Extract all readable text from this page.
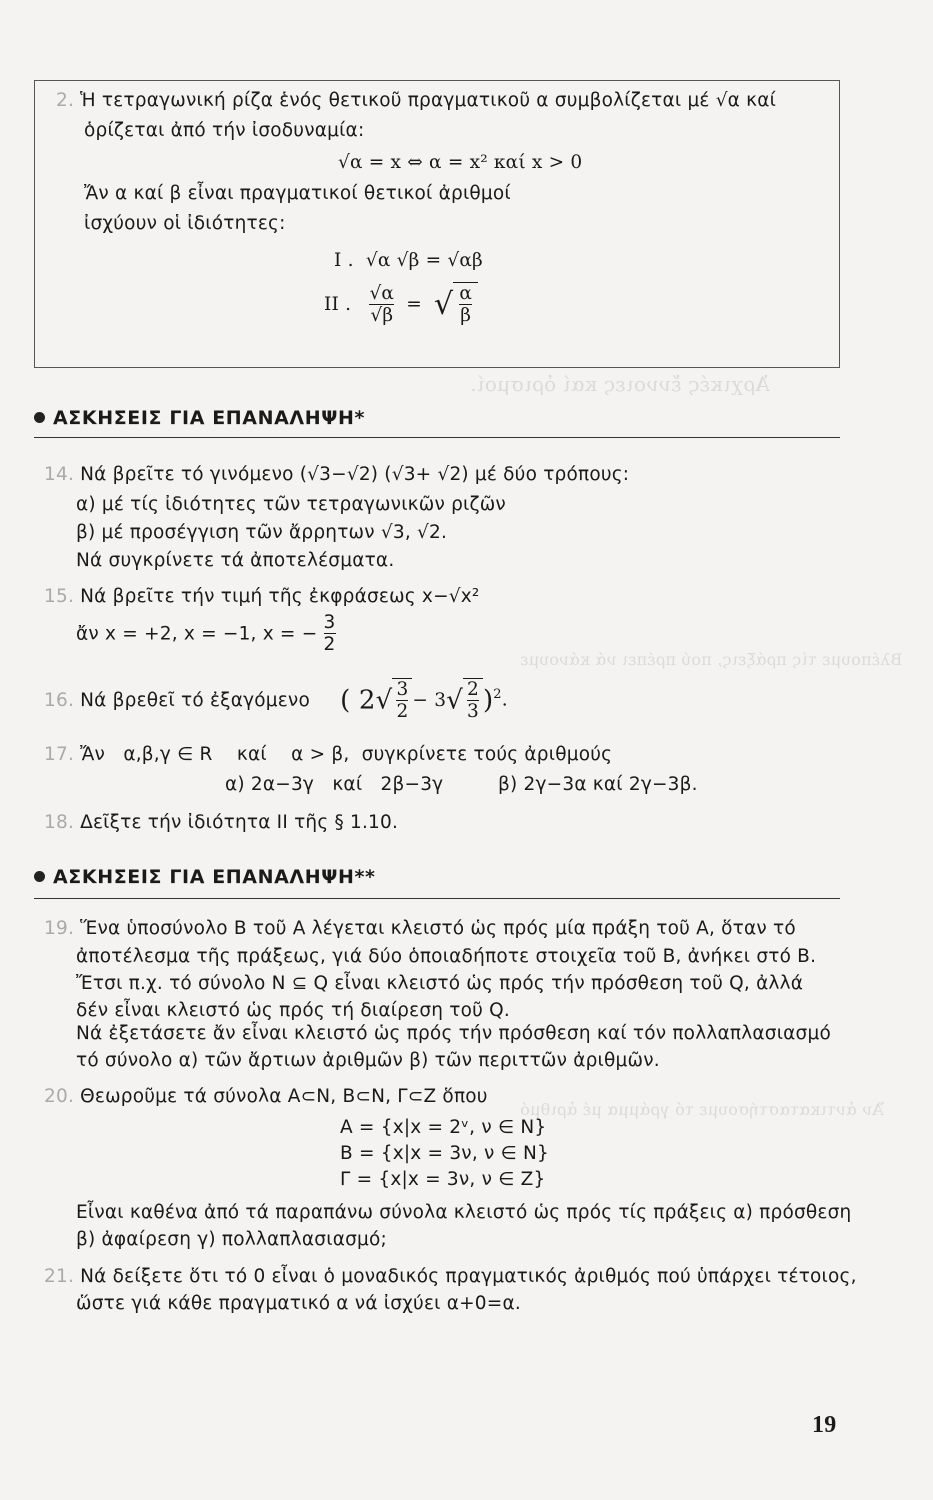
Ἀρχικές ἔννοιες καί ὁρισμοί.
Βλέπουμε τίς πράξεις, πού πρέπει νά κάνουμε
Ἄν ἀντικαταστήσουμε τό γράμμα μέ ἀριθμό
2. Ἡ τετραγωνική ρίζα ἑνός θετικοῦ πραγματικοῦ α συμβολίζεται μέ √α καί
ὁρίζεται ἀπό τήν ἰσοδυναμία:
√α = x ⇔ α = x² καί x > 0
Ἄν α καί β εἶναι πραγματικοί θετικοί ἀριθμοί
ἰσχύουν οἱ ἰδιότητες:
I . √α √β = √αβ
II . $\frac{√\alpha}{√\beta}$ = √ $\frac{\alpha}{\beta}$
ΑΣΚΗΣΕΙΣ ΓΙΑ ΕΠΑΝΑΛΗΨΗ*
14. Νά βρεῖτε τό γινόμενο (√3−√2) (√3+ √2) μέ δύο τρόπους:
α) μέ τίς ἰδιότητες τῶν τετραγωνικῶν ριζῶν
β) μέ προσέγγιση τῶν ἄρρητων √3, √2.
Νά συγκρίνετε τά ἀποτελέσματα.
15. Νά βρεῖτε τήν τιμή τῆς ἐκφράσεως x−√x²
ἄν x = +2, x = −1, x = − $\frac{3}{2}$
16. Νά βρεθεῖ τό ἐξαγόμενο ( $2√ \frac{3}{2} - 3√ \frac{2}{3} )^2$.
17. Ἄν   α,β,γ ∈ R    καί    α > β,  συγκρίνετε τούς ἀριθμούς
α) 2α−3γ   καί   2β−3γ         β) 2γ−3α καί 2γ−3β.
18. Δεῖξτε τήν ἰδιότητα II τῆς § 1.10.
ΑΣΚΗΣΕΙΣ ΓΙΑ ΕΠΑΝΑΛΗΨΗ**
19. Ἕνα ὑποσύνολο Β τοῦ Α λέγεται κλειστό ὡς πρός μία πράξη τοῦ Α, ὅταν τό
ἀποτέλεσμα τῆς πράξεως, γιά δύο ὁποιαδήποτε στοιχεῖα τοῦ Β, ἀνήκει στό Β.
Ἔτσι π.χ. τό σύνολο N ⊆ Q εἶναι κλειστό ὡς πρός τήν πρόσθεση τοῦ Q, ἀλλά
δέν εἶναι κλειστό ὡς πρός τή διαίρεση τοῦ Q.
Νά ἐξετάσετε ἄν εἶναι κλειστό ὡς πρός τήν πρόσθεση καί τόν πολλαπλασιασμό
τό σύνολο α) τῶν ἄρτιων ἀριθμῶν β) τῶν περιττῶν ἀριθμῶν.
20. Θεωροῦμε τά σύνολα A⊂N, B⊂N, Γ⊂Z ὅπου
A = {x|x = 2ᵛ, ν ∈ N}
B = {x|x = 3ν, ν ∈ N}
Γ = {x|x = 3ν, ν ∈ Z}
Εἶναι καθένα ἀπό τά παραπάνω σύνολα κλειστό ὡς πρός τίς πράξεις α) πρόσθεση
β) ἀφαίρεση γ) πολλαπλασιασμό;
21. Νά δείξετε ὅτι τό 0 εἶναι ὁ μοναδικός πραγματικός ἀριθμός πού ὑπάρχει τέτοιος,
ὥστε γιά κάθε πραγματικό α νά ἰσχύει α+0=α.
19
